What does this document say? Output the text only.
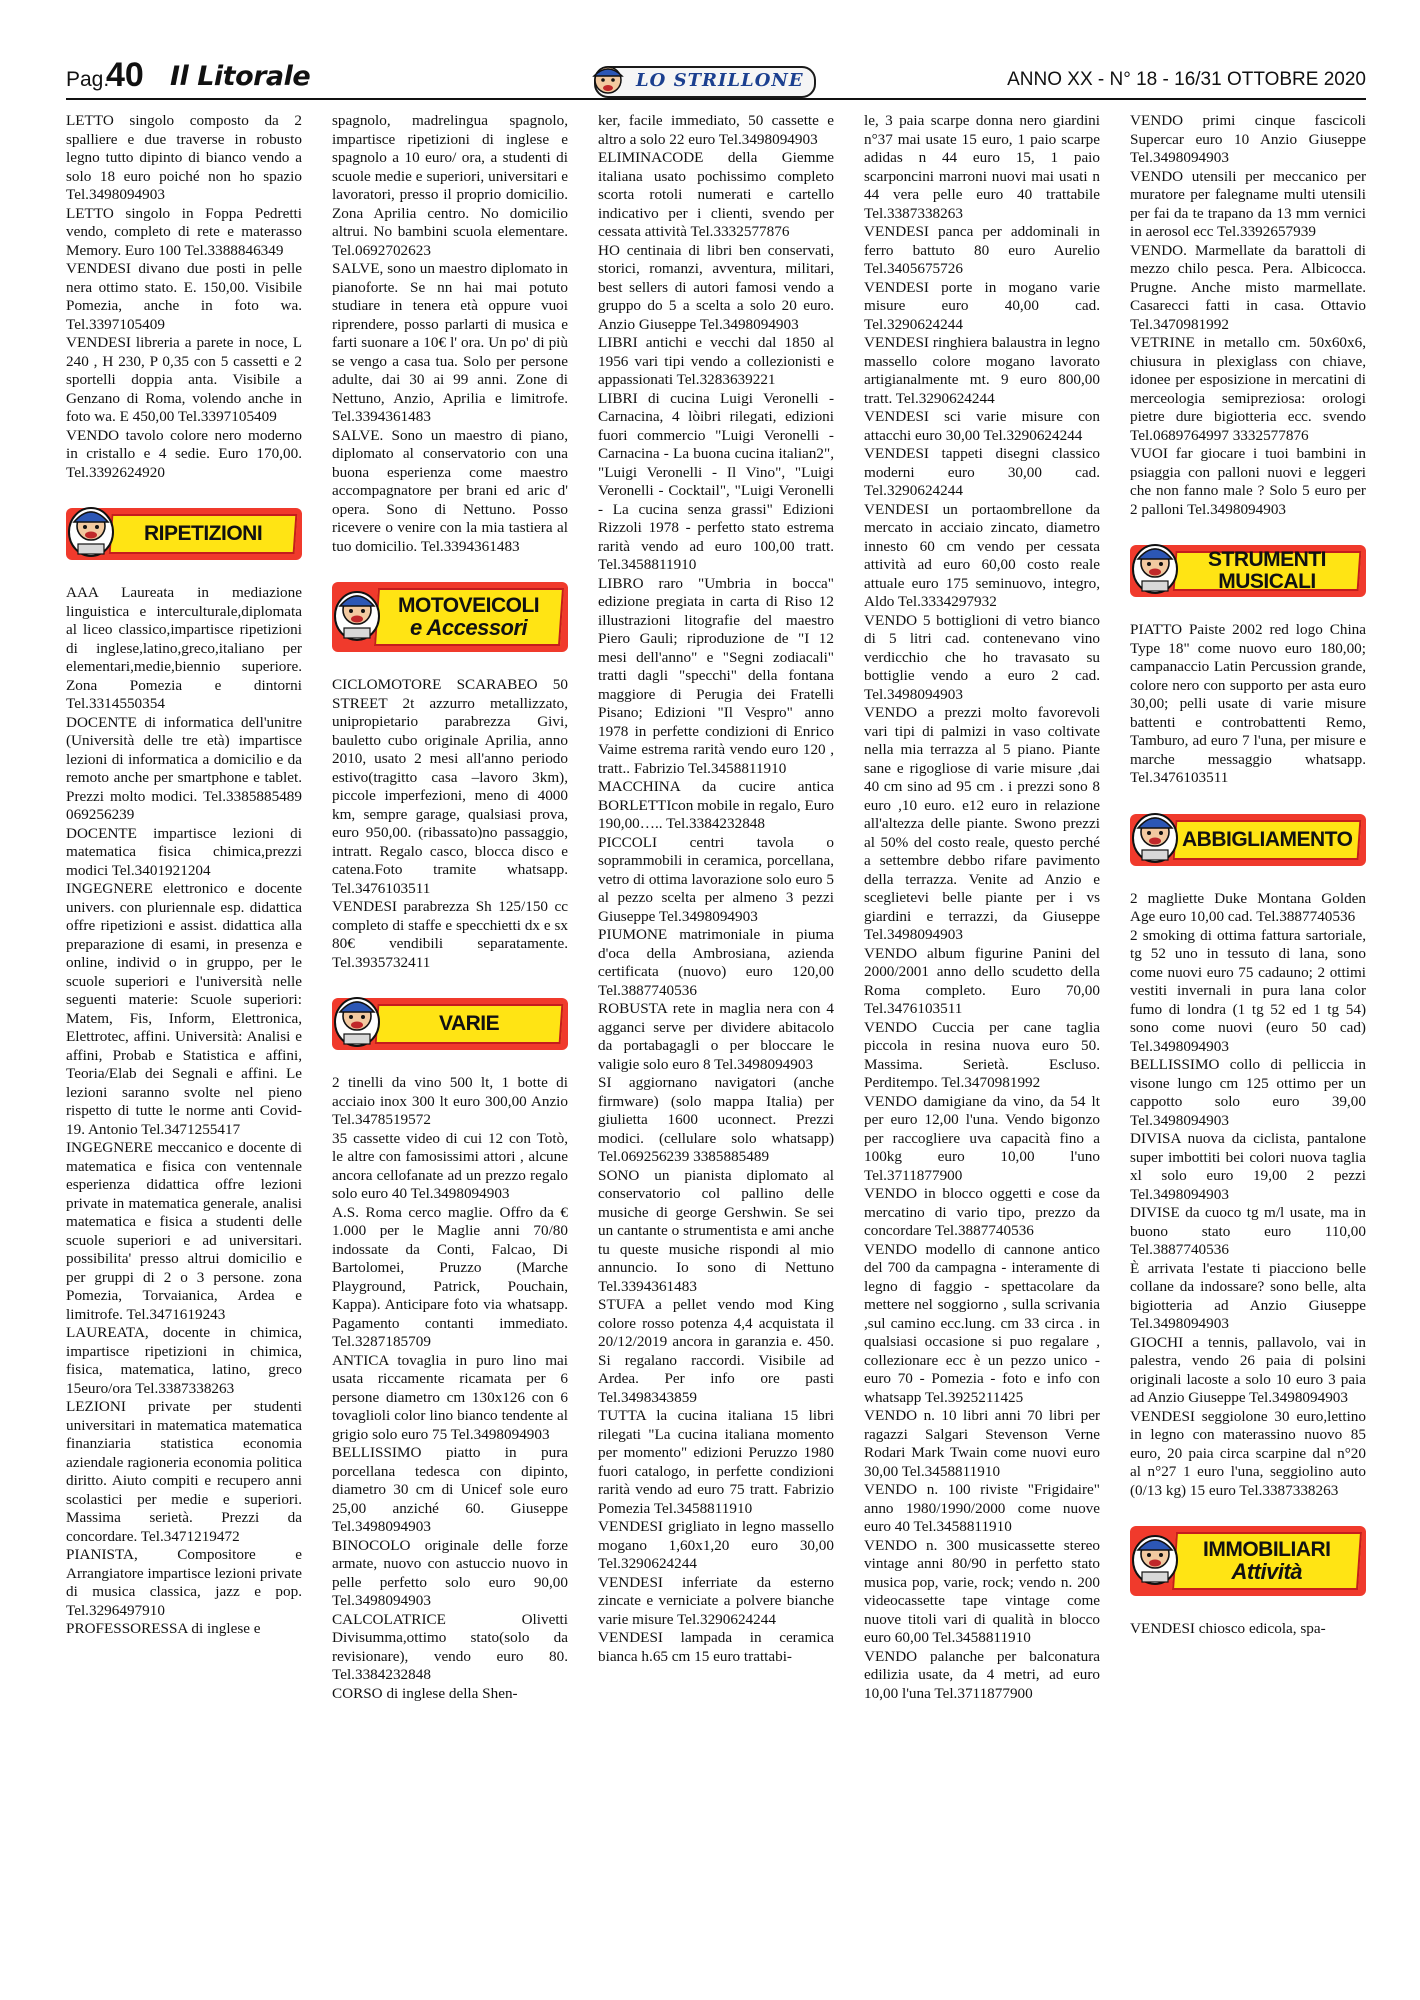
Pag.
40 Il Litorale	LO STRILLONE	ANNO XX - N° 18 - 16/31 OTTOBRE 2020

LETTO singolo composto da 2 spalliere e due traverse in robusto legno tutto dipinto di bianco vendo a solo 18 euro poiché non ho spazio Tel.3498094903

LETTO singolo in Foppa Pedretti vendo, completo di rete e materasso Memory. Euro 100 Tel.3388846349

VENDESI divano due posti in pelle nera ottimo stato. E. 150,00. Visibile Pomezia, anche in foto wa. Tel.3397105409

VENDESI libreria a parete in noce, L 240 , H 230, P 0,35 con 5 cassetti e 2 sportelli doppia anta. Visibile a Genzano di Roma, volendo anche in foto wa. E 450,00 Tel.3397105409

VENDO tavolo colore nero moderno in cristallo e 4 sedie. Euro 170,00. Tel.3392624920

RIPETIZIONI

AAA Laureata in mediazione linguistica e interculturale,diplomata al liceo classico,impartisce ripetizioni di inglese,latino,greco,italiano per elementari,medie,biennio superiore. Zona Pomezia e dintorni Tel.3314550354

DOCENTE di informatica dell'unitre (Università delle tre età) impartisce lezioni di informatica a domicilio e da remoto anche per smartphone e tablet. Prezzi molto modici. Tel.3385885489 069256239

DOCENTE impartisce lezioni di matematica fisica chimica,prezzi modici Tel.3401921204

INGEGNERE elettronico e docente univers. con pluriennale esp. didattica offre ripetizioni e assist. didattica alla preparazione di esami, in presenza e online, individ o in gruppo, per le scuole superiori e l'università nelle seguenti materie: Scuole superiori: Matem, Fis, Inform, Elettronica, Elettrotec, affini. Università: Analisi e affini, Probab e Statistica e affini, Teoria/Elab dei Segnali e affini. Le lezioni saranno svolte nel pieno rispetto di tutte le norme anti Covid-19. Antonio Tel.3471255417

INGEGNERE meccanico e docente di matematica e fisica con ventennale esperienza didattica offre lezioni private in matematica generale, analisi matematica e fisica a studenti delle scuole superiori e ad universitari. possibilita' presso altrui domicilio e per gruppi di 2 o 3 persone. zona Pomezia, Torvaianica, Ardea e limitrofe. Tel.3471619243

LAUREATA, docente in chimica, impartisce ripetizioni in chimica, fisica, matematica, latino, greco 15euro/ora Tel.3387338263

LEZIONI private per studenti universitari in matematica matematica finanziaria statistica economia aziendale ragioneria economia politica diritto. Aiuto compiti e recupero anni scolastici per medie e superiori. Massima serietà. Prezzi da concordare. Tel.3471219472

PIANISTA, Compositore e Arrangiatore impartisce lezioni private di musica classica, jazz e pop. Tel.3296497910

PROFESSORESSA di inglese e

spagnolo, madrelingua spagnolo, impartisce ripetizioni di inglese e spagnolo a 10 euro/ ora, a studenti di scuole medie e superiori, universitari e lavoratori, presso il proprio domicilio. Zona Aprilia centro. No domicilio altrui. No bambini scuola elementare. Tel.0692702623

SALVE, sono un maestro diplomato in pianoforte. Se nn hai mai potuto studiare in tenera età oppure vuoi riprendere, posso parlarti di musica e farti suonare a 10€ l' ora. Un po' di più se vengo a casa tua. Solo per persone adulte, dai 30 ai 99 anni. Zone di Nettuno, Anzio, Aprilia e limitrofe. Tel.3394361483

SALVE. Sono un maestro di piano, diplomato al conservatorio con una buona esperienza come maestro accompagnatore per brani ed aric d' opera. Sono di Nettuno. Posso ricevere o venire con la mia tastiera al tuo domicilio. Tel.3394361483

MOTOVEICOLI
e Accessori

CICLOMOTORE SCARABEO 50 STREET 2t azzurro metallizzato, unipropietario parabrezza Givi, bauletto cubo originale Aprilia, anno 2010, usato 2 mesi all'anno periodo estivo(tragitto casa –lavoro 3km), piccole imperfezioni, meno di 4000 km, sempre garage, qualsiasi prova, euro 950,00. (ribassato)no passaggio, intratt. Regalo casco, blocca disco e catena.Foto tramite whatsapp. Tel.3476103511

VENDESI parabrezza Sh 125/150 cc completo di staffe e specchietti dx e sx 80€ vendibili separatamente. Tel.3935732411

VARIE

2 tinelli da vino 500 lt, 1 botte di acciaio inox 300 lt euro 300,00 Anzio Tel.3478519572

35 cassette video di cui 12 con Totò, le altre con famosissimi attori , alcune ancora cellofanate ad un prezzo regalo solo euro 40 Tel.3498094903

A.S. Roma cerco maglie. Offro da € 1.000 per le Maglie anni 70/80 indossate da Conti, Falcao, Di Bartolomei, Pruzzo (Marche Playground, Patrick, Pouchain, Kappa). Anticipare foto via whatsapp. Pagamento contanti immediato. Tel.3287185709

ANTICA tovaglia in puro lino mai usata riccamente ricamata per 6 persone diametro cm 130x126 con 6 tovaglioli color lino bianco tendente al grigio solo euro 75 Tel.3498094903

BELLISSIMO piatto in pura porcellana tedesca con dipinto, diametro 30 cm di Unicef sole euro 25,00 anziché 60. Giuseppe Tel.3498094903

BINOCOLO originale delle forze armate, nuovo con astuccio nuovo in pelle perfetto solo euro 90,00 Tel.3498094903

CALCOLATRICE Olivetti Divisumma,ottimo stato(solo da revisionare), vendo euro 80. Tel.3384232848

CORSO di inglese della Shen-

ker, facile immediato, 50 cassette e altro a solo 22 euro Tel.3498094903

ELIMINACODE della Giemme italiana usato pochissimo completo scorta rotoli numerati e cartello indicativo per i clienti, svendo per cessata attività Tel.3332577876

HO centinaia di libri ben conservati, storici, romanzi, avventura, militari, best sellers di autori famosi vendo a gruppo do 5 a scelta a solo 20 euro. Anzio Giuseppe Tel.3498094903

LIBRI antichi e vecchi dal 1850 al 1956 vari tipi vendo a collezionisti e appassionati Tel.3283639221

LIBRI di cucina Luigi Veronelli - Carnacina, 4 lòibri rilegati, edizioni fuori commercio "Luigi Veronelli - Carnacina - La buona cucina italian2", "Luigi Veronelli - Il Vino", "Luigi Veronelli - Cocktail", "Luigi Veronelli - La cucina senza grassi" Edizioni Rizzoli 1978 - perfetto stato estrema rarità vendo ad euro 100,00 tratt. Tel.3458811910

LIBRO raro "Umbria in bocca" edizione pregiata in carta di Riso 12 illustrazioni litografie del maestro Piero Gauli; riproduzione de "I 12 mesi dell'anno" e "Segni zodiacali" tratti dagli "specchi" della fontana maggiore di Perugia dei Fratelli Pisano; Edizioni "Il Vespro" anno 1978 in perfette condizioni di Enrico Vaime estrema rarità vendo euro 120 , tratt.. Fabrizio Tel.3458811910

MACCHINA da cucire antica BORLETTIcon mobile in regalo, Euro 190,00….. Tel.3384232848

PICCOLI centri tavola o soprammobili in ceramica, porcellana, vetro di ottima lavorazione solo euro 5 al pezzo scelta per almeno 3 pezzi Giuseppe Tel.3498094903

PIUMONE matrimoniale in piuma d'oca della Ambrosiana, azienda certificata (nuovo) euro 120,00 Tel.3887740536

ROBUSTA rete in maglia nera con 4 agganci serve per dividere abitacolo da portabagagli o per bloccare le valigie solo euro 8 Tel.3498094903

SI aggiornano navigatori (anche firmware) (solo mappa Italia) per giulietta 1600 uconnect. Prezzi modici. (cellulare solo whatsapp) Tel.069256239 3385885489

SONO un pianista diplomato al conservatorio col pallino delle musiche di george Gershwin. Se sei un cantante o strumentista e ami anche tu queste musiche rispondi al mio annuncio. Io sono di Nettuno Tel.3394361483

STUFA a pellet vendo mod King colore rosso potenza 4,4 acquistata il 20/12/2019 ancora in garanzia e. 450. Si regalano raccordi. Visibile ad Ardea. Per info ore pasti Tel.3498343859

TUTTA la cucina italiana 15 libri rilegati "La cucina italiana momento per momento" edizioni Peruzzo 1980 fuori catalogo, in perfette condizioni rarità vendo ad euro 75 tratt. Fabrizio Pomezia Tel.3458811910

VENDESI grigliato in legno massello mogano 1,60x1,20 euro 30,00 Tel.3290624244

VENDESI inferriate da esterno zincate e verniciate a polvere bianche varie misure Tel.3290624244

VENDESI lampada in ceramica bianca h.65 cm 15 euro trattabi-

le, 3 paia scarpe donna nero giardini n°37 mai usate 15 euro, 1 paio scarpe adidas n 44 euro 15, 1 paio scarponcini marroni nuovi mai usati n 44 vera pelle euro 40 trattabile Tel.3387338263

VENDESI panca per addominali in ferro battuto 80 euro Aurelio Tel.3405675726

VENDESI porte in mogano varie misure euro 40,00 cad. Tel.3290624244

VENDESI ringhiera balaustra in legno massello colore mogano lavorato artigianalmente mt. 9 euro 800,00 tratt. Tel.3290624244

VENDESI sci varie misure con attacchi euro 30,00 Tel.3290624244

VENDESI tappeti disegni classico moderni euro 30,00 cad. Tel.3290624244

VENDESI un portaombrellone da mercato in acciaio zincato, diametro innesto 60 cm vendo per cessata attività ad euro 60,00 costo reale attuale euro 175 seminuovo, integro, Aldo Tel.3334297932

VENDO 5 bottiglioni di vetro bianco di 5 litri cad. contenevano vino verdicchio che ho travasato su bottiglie vendo a euro 2 cad. Tel.3498094903

VENDO a prezzi molto favorevoli vari tipi di palmizi in vaso coltivate nella mia terrazza al 5 piano. Piante sane e rigogliose di varie misure ,dai 40 cm sino ad 95 cm . i prezzi sono 8 euro ,10 euro. e12 euro in relazione all'altezza delle piante. Swono prezzi al 50% del costo reale, questo perché a settembre debbo rifare pavimento della terrazza. Venite ad Anzio e sceglietevi belle piante per i vs giardini e terrazzi, da Giuseppe Tel.3498094903

VENDO album figurine Panini del 2000/2001 anno dello scudetto della Roma completo. Euro 70,00 Tel.3476103511

VENDO Cuccia per cane taglia piccola in resina nuova euro 50. Massima. Serietà. Escluso. Perditempo. Tel.3470981992

VENDO damigiane da vino, da 54 lt per euro 12,00 l'una. Vendo bigonzo per raccogliere uva capacità fino a 100kg euro 10,00 l'uno Tel.3711877900

VENDO in blocco oggetti e cose da mercatino di vario tipo, prezzo da concordare Tel.3887740536

VENDO modello di cannone antico del 700 da campagna - interamente di legno di faggio - spettacolare da mettere nel soggiorno , sulla scrivania ,sul camino ecc.lung. cm 33 circa . in qualsiasi occasione si puo regalare , collezionare ecc è un pezzo unico - euro 70 - Pomezia - foto e info con whatsapp Tel.3925211425

VENDO n. 10 libri anni 70 libri per ragazzi Salgari Stevenson Verne Rodari Mark Twain come nuovi euro 30,00 Tel.3458811910

VENDO n. 100 riviste "Frigidaire" anno 1980/1990/2000 come nuove euro 40 Tel.3458811910

VENDO n. 300 musicassette stereo vintage anni 80/90 in perfetto stato musica pop, varie, rock; vendo n. 200 videocassette tape vintage come nuove titoli vari di qualità in blocco euro 60,00 Tel.3458811910

VENDO palanche per balconatura edilizia usate, da 4 metri, ad euro 10,00 l'una Tel.3711877900

VENDO primi cinque fascicoli Supercar euro 10 Anzio Giuseppe Tel.3498094903

VENDO utensili per meccanico per muratore per falegname multi utensili per fai da te trapano da 13 mm vernici in aerosol ecc Tel.3392657939

VENDO. Marmellate da barattoli di mezzo chilo pesca. Pera. Albicocca. Prugne. Anche misto marmellate. Casarecci fatti in casa. Ottavio Tel.3470981992

VETRINE in metallo cm. 50x60x6, chiusura in plexiglass con chiave, idonee per esposizione in mercatini di merceologia semipreziosa: orologi pietre dure bigiotteria ecc. svendo Tel.0689764997 3332577876

VUOI far giocare i tuoi bambini in psiaggia con palloni nuovi e leggeri che non fanno male ? Solo 5 euro per 2 palloni Tel.3498094903

STRUMENTI MUSICALI

PIATTO Paiste 2002 red logo China Type 18" come nuovo euro 180,00; campanaccio Latin Percussion grande, colore nero con supporto per asta euro 30,00; pelli usate di varie misure battenti e controbattenti Remo, Tamburo, ad euro 7 l'una, per misure e marche messaggio whatsapp. Tel.3476103511

ABBIGLIAMENTO

2 magliette Duke Montana Golden Age euro 10,00 cad. Tel.3887740536

2 smoking di ottima fattura sartoriale, tg 52 uno in tessuto di lana, sono come nuovi euro 75 cadauno; 2 ottimi vestiti invernali in pura lana color fumo di londra (1 tg 52 ed 1 tg 54) sono come nuovi (euro 50 cad) Tel.3498094903

BELLISSIMO collo di pelliccia in visone lungo cm 125 ottimo per un cappotto solo euro 39,00 Tel.3498094903

DIVISA nuova da ciclista, pantalone super imbottiti bei colori nuova taglia xl solo euro 19,00 2 pezzi Tel.3498094903

DIVISE da cuoco tg m/l usate, ma in buono stato euro 110,00 Tel.3887740536

È arrivata l'estate ti piacciono belle collane da indossare? sono belle, alta bigiotteria ad Anzio Giuseppe Tel.3498094903

GIOCHI a tennis, pallavolo, vai in palestra, vendo 26 paia di polsini originali lacoste a solo 10 euro 3 paia ad Anzio Giuseppe Tel.3498094903

VENDESI seggiolone 30 euro,lettino in legno con materassino nuovo 85 euro, 20 paia circa scarpine dal n°20 al n°27 1 euro l'una, seggiolino auto (0/13 kg) 15 euro Tel.3387338263

IMMOBILIARI
Attività

VENDESI chiosco edicola, spa-
